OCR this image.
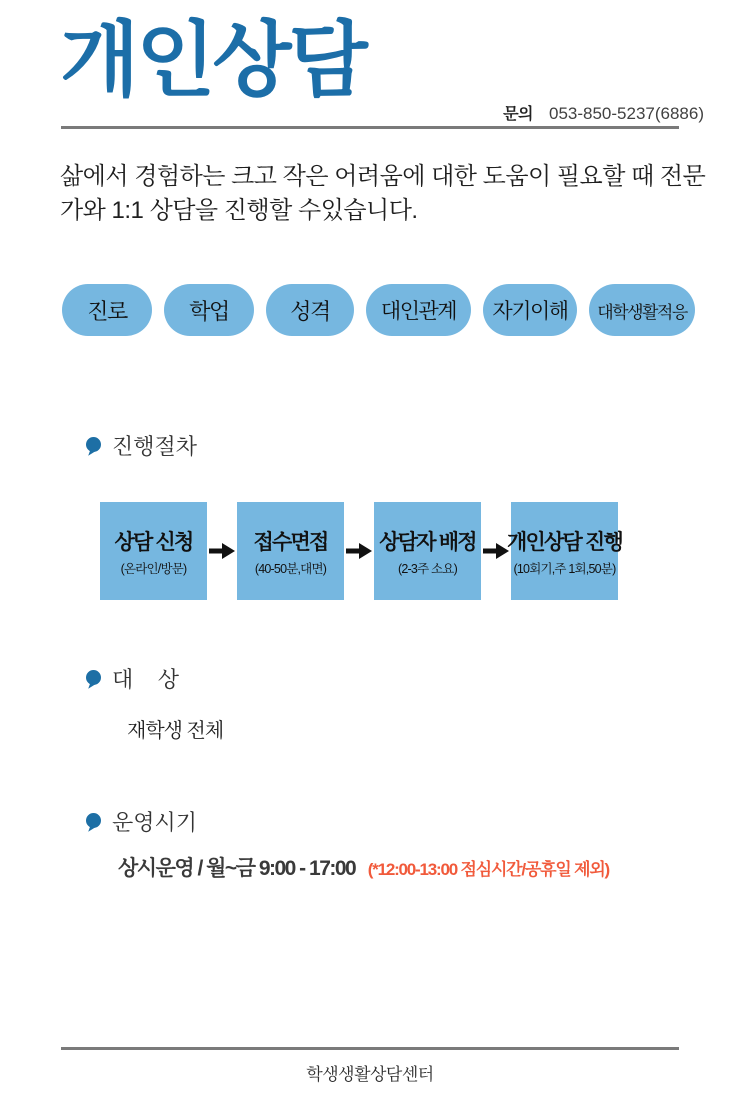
개인상담
문의 053-850-5237(6886)

삶에서 경험하는 크고 작은 어려움에 대한 도움이 필요할 때 전문가와 1:1 상담을 진행할 수있습니다.

진로	학업	성격	대인관계	자기이해	대학생활적응
진행절차
상담 신청
(온라인/방문)
접수면접
(40-50분,대면)
상담자 배정
(2-3주 소요)
개인상담 진행
(10회기,주 1회,50분)
대    상
재학생 전체
운영시기
상시운영 / 월~금 9:00 - 17:00 (*12:00-13:00 점심시간/공휴일 제외)
학생생활상담센터
